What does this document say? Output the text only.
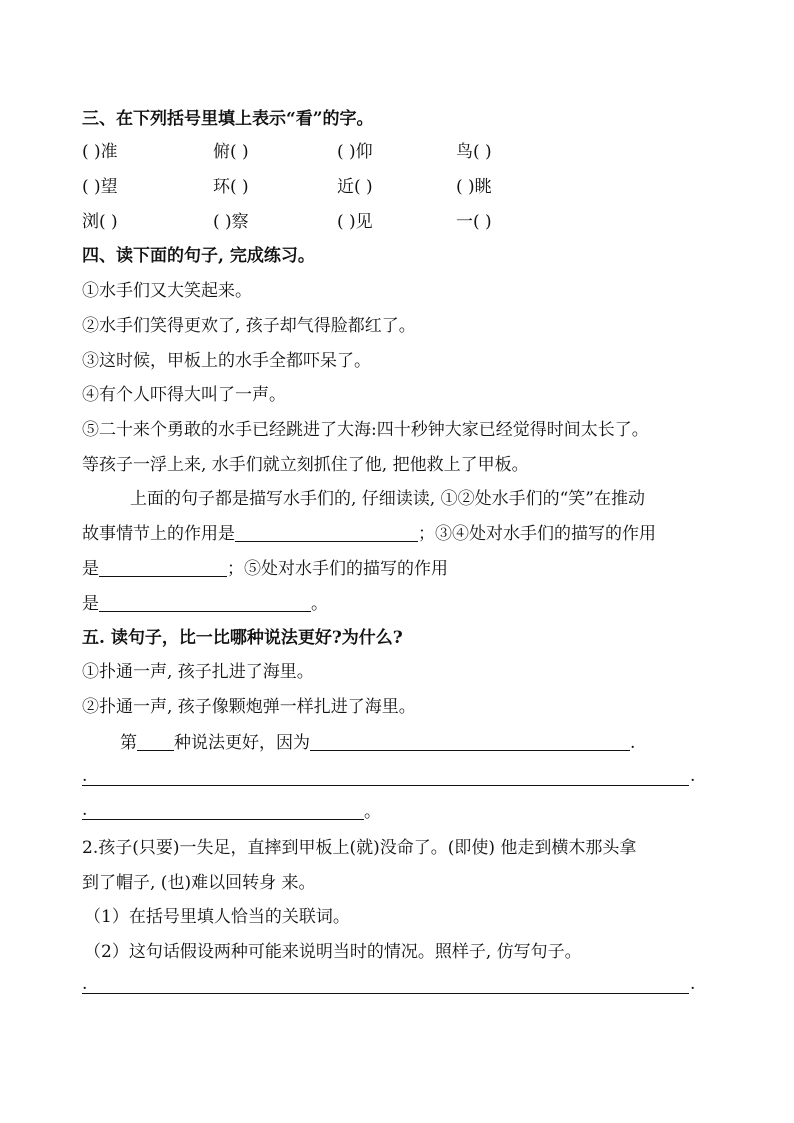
三、在下列括号里填上表示“看”的字。
( )准	俯( )	( )仰	鸟( )
( )望	环( )	近( )	( )眺
浏( )	( )察	( )见	一( )
四、读下面的句子, 完成练习。
①水手们又大笑起来。
②水手们笑得更欢了, 孩子却气得脸都红了。
③这时候，甲板上的水手全都吓呆了。
④有个人吓得大叫了一声。
⑤二十来个勇敢的水手已经跳进了大海:四十秒钟大家已经觉得时间太长了。
等孩子一浮上来, 水手们就立刻抓住了他, 把他救上了甲板。
上面的句子都是描写水手们的, 仔细读读, ①②处水手们的“笑”在推动
故事情节上的作用是	；③④处对水手们的描写的作用
是	；⑤处对水手们的描写的作用
是	。
五. 读句子，比一比哪种说法更好?为什么?
①扑通一声, 孩子扎进了海里。
②扑通一声, 孩子像颗炮弹一样扎进了海里。
第 种说法更好，因为	.
.	.
.	。
2.孩子(只要)一失足，直摔到甲板上(就)没命了。(即使) 他走到横木那头拿
到了帽子, (也)难以回转身 来。
（1）在括号里填人恰当的关联词。
（2）这句话假设两种可能来说明当时的情况。照样子, 仿写句子。
.	.
